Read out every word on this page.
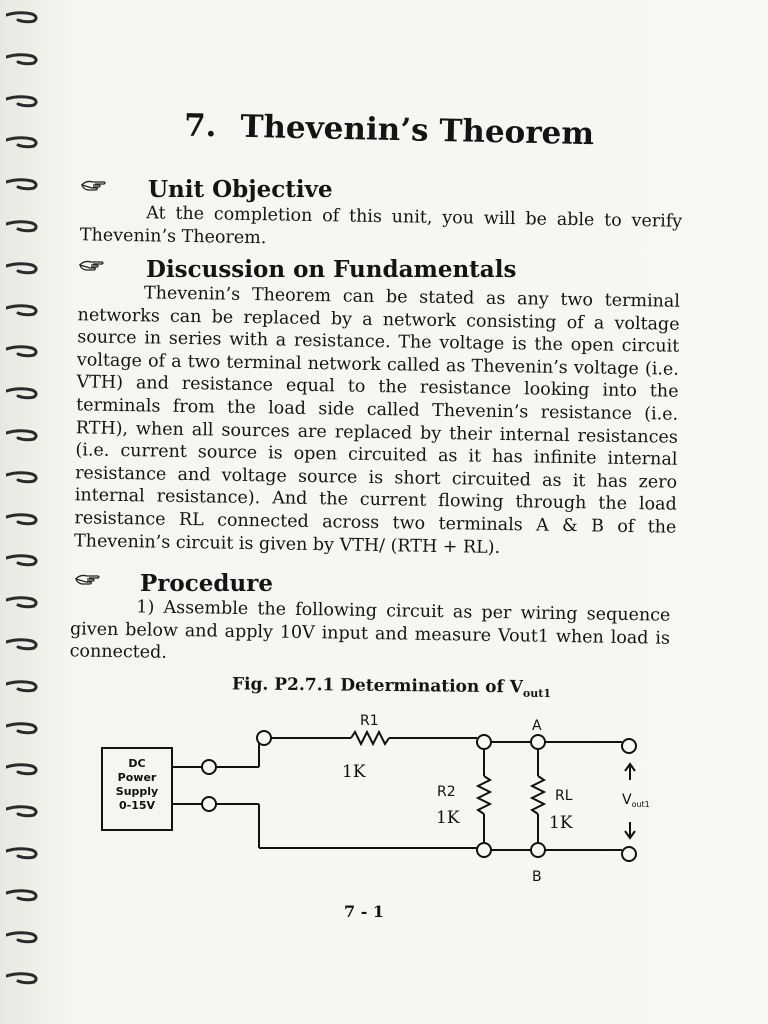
7. Thevenin’s Theorem
Unit Objective
At the completion of this unit, you will be able to verify Thevenin’s Theorem.
Discussion on Fundamentals
Thevenin’s Theorem can be stated as any two terminal networks can be replaced by a network consisting of a voltage source in series with a resistance. The voltage is the open circuit voltage of a two terminal network called as Thevenin’s voltage (i.e. VTH) and resistance equal to the resistance looking into the terminals from the load side called Thevenin’s resistance (i.e. RTH), when all sources are replaced by their internal resistances (i.e. current source is open circuited as it has infinite internal resistance and voltage source is short circuited as it has zero internal resistance). And the current flowing through the load resistance RL connected across two terminals A & B of the Thevenin’s circuit is given by VTH/ (RTH + RL).
Procedure
1) Assemble the following circuit as per wiring sequence given below and apply 10V input and measure Vout1 when load is connected.
Fig. P2.7.1 Determination of $V_{out1}$
DC
Power
Supply
0-15V
R1	A
R2	RL
B
$V_{out1}$
1K
1K	1K
7 - 1
